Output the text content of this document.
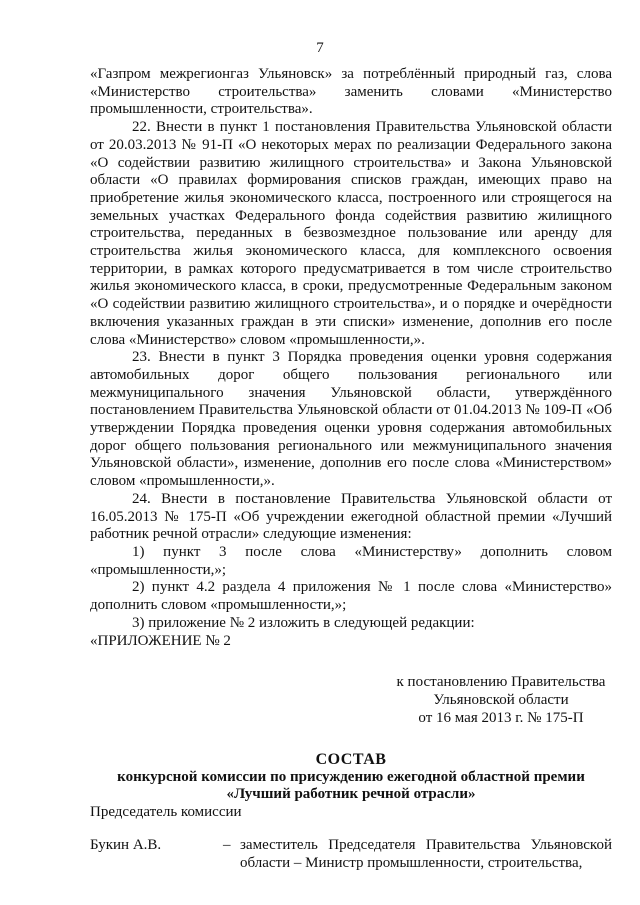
7

«Газпром межрегионгаз Ульяновск» за потреблённый природный газ, слова «Министерство строительства» заменить словами «Министерство промышленности, строительства».

22. Внести в пункт 1 постановления Правительства Ульяновской области от 20.03.2013 № 91-П «О некоторых мерах по реализации Федерального закона «О содействии развитию жилищного строительства» и Закона Ульяновской области «О правилах формирования списков граждан, имеющих право на приобретение жилья экономического класса, построенного или строящегося на земельных участках Федерального фонда содействия развитию жилищного строительства, переданных в безвозмездное пользование или аренду для строительства жилья экономического класса, для комплексного освоения территории, в рамках которого предусматривается в том числе строительство жилья экономического класса, в сроки, предусмотренные Федеральным законом «О содействии развитию жилищного строительства», и о порядке и очерёдности включения указанных граждан в эти списки» изменение, дополнив его после слова «Министерство» словом «промышленности,».

23. Внести в пункт 3 Порядка проведения оценки уровня содержания автомобильных дорог общего пользования регионального или межмуниципального значения Ульяновской области, утверждённого постановлением Правительства Ульяновской области от 01.04.2013 № 109-П «Об утверждении Порядка проведения оценки уровня содержания автомобильных дорог общего пользования регионального или межмуниципального значения Ульяновской области», изменение, дополнив его после слова «Министерством» словом «промышленности,».

24. Внести в постановление Правительства Ульяновской области от 16.05.2013 № 175-П «Об учреждении ежегодной областной премии «Лучший работник речной отрасли» следующие изменения:

1) пункт 3 после слова «Министерству» дополнить словом «промышленности,»;

2) пункт 4.2 раздела 4 приложения № 1 после слова «Министерство» дополнить словом «промышленности,»;

3) приложение № 2 изложить в следующей редакции:

«ПРИЛОЖЕНИЕ № 2

к постановлению Правительства
Ульяновской области
от 16 мая 2013 г. № 175-П
СОСТАВ
конкурсной комиссии по присуждению ежегодной областной премии
«Лучший работник речной отрасли»

Председатель комиссии

Букин А.В.	– заместитель Председателя Правительства Ульяновской области – Министр промышленности, строительства,
